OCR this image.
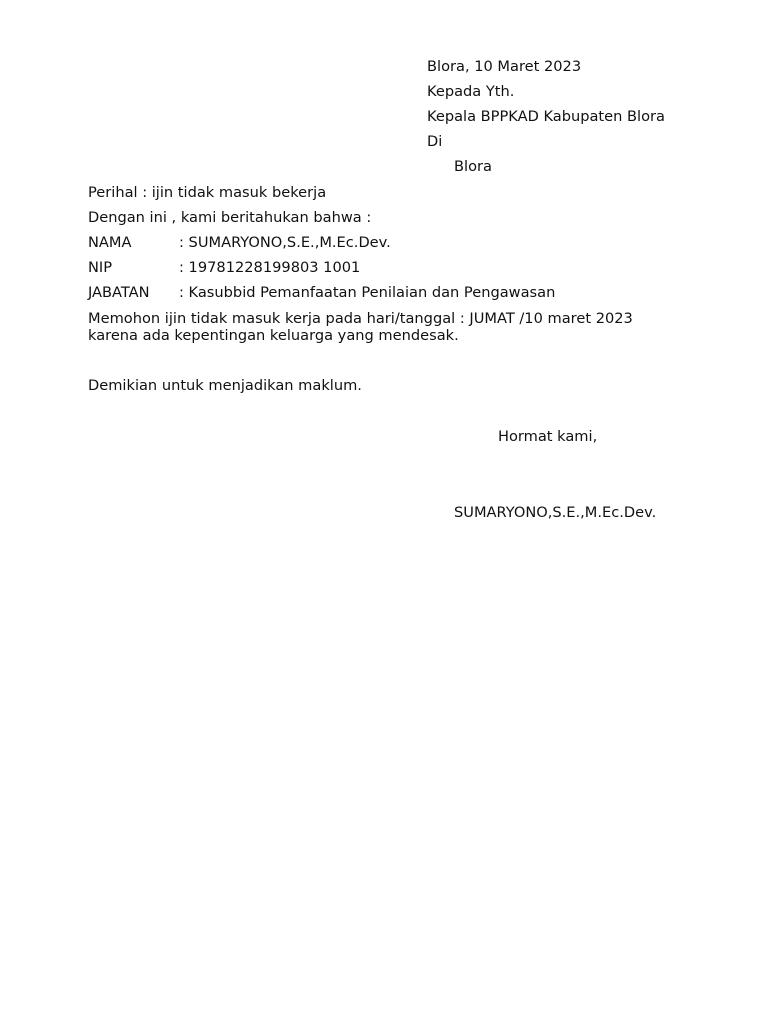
Blora, 10 Maret 2023
Kepada Yth.
Kepala BPPKAD Kabupaten Blora
Di
Blora
Perihal : ijin tidak masuk bekerja
Dengan ini , kami beritahukan bahwa :
NAMA	: SUMARYONO,S.E.,M.Ec.Dev.
NIP	: 19781228199803 1001
JABATAN : Kasubbid Pemanfaatan Penilaian dan Pengawasan
Memohon ijin tidak masuk kerja pada hari/tanggal : JUMAT /10 maret 2023
karena ada kepentingan keluarga yang mendesak.
Demikian untuk menjadikan maklum.
Hormat kami,
SUMARYONO,S.E.,M.Ec.Dev.
